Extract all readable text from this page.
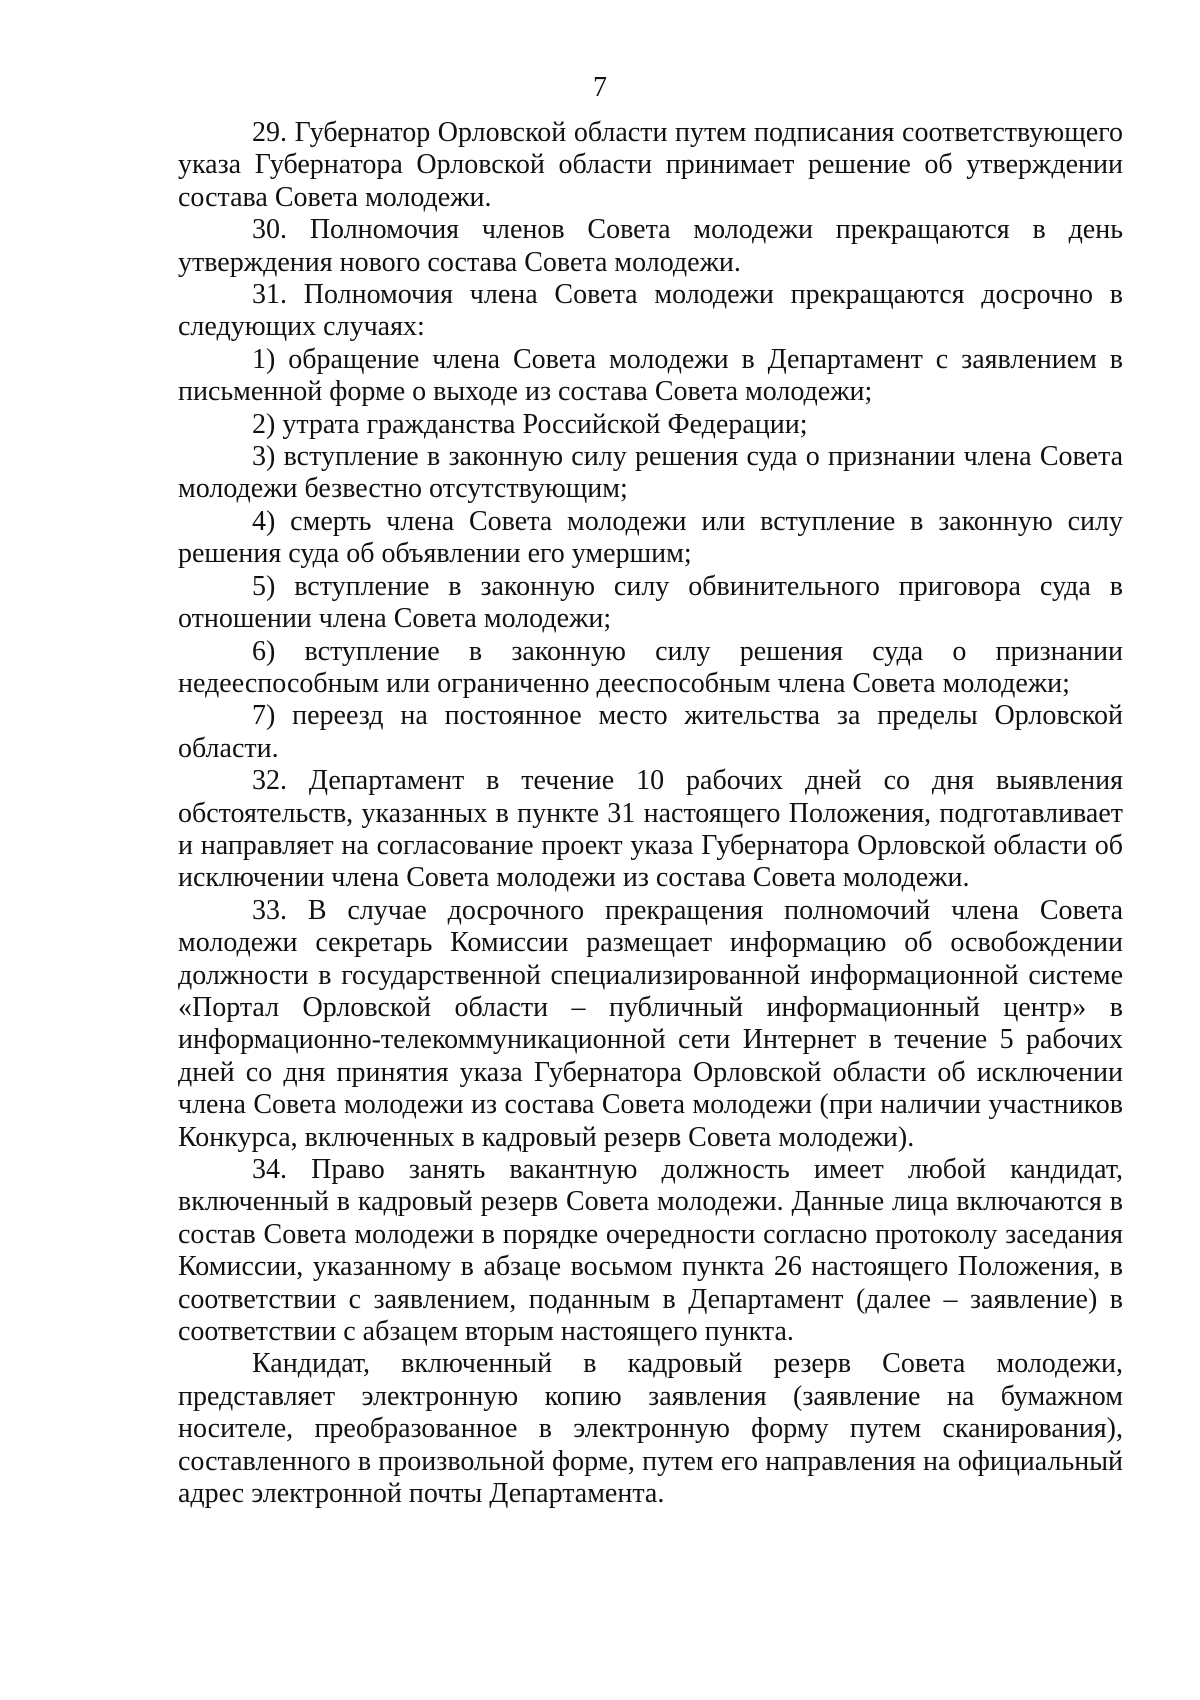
7

29. Губернатор Орловской области путем подписания соответствующего указа Губернатора Орловской области принимает решение об утверждении состава Совета молодежи.

30. Полномочия членов Совета молодежи прекращаются в день утверждения нового состава Совета молодежи.

31. Полномочия члена Совета молодежи прекращаются досрочно в следующих случаях:

1) обращение члена Совета молодежи в Департамент с заявлением в письменной форме о выходе из состава Совета молодежи;

2) утрата гражданства Российской Федерации;

3) вступление в законную силу решения суда о признании члена Совета молодежи безвестно отсутствующим;

4) смерть члена Совета молодежи или вступление в законную силу решения суда об объявлении его умершим;

5) вступление в законную силу обвинительного приговора суда в отношении члена Совета молодежи;

6) вступление в законную силу решения суда о признании недееспособным или ограниченно дееспособным члена Совета молодежи;

7) переезд на постоянное место жительства за пределы Орловской области.

32. Департамент в течение 10 рабочих дней со дня выявления обстоятельств, указанных в пункте 31 настоящего Положения, подготавливает и направляет на согласование проект указа Губернатора Орловской области об исключении члена Совета молодежи из состава Совета молодежи.

33. В случае досрочного прекращения полномочий члена Совета молодежи секретарь Комиссии размещает информацию об освобождении должности в государственной специализированной информационной системе «Портал Орловской области – публичный информационный центр» в информационно-телекоммуникационной сети Интернет в течение 5 рабочих дней со дня принятия указа Губернатора Орловской области об исключении члена Совета молодежи из состава Совета молодежи (при наличии участников Конкурса, включенных в кадровый резерв Совета молодежи).

34. Право занять вакантную должность имеет любой кандидат, включенный в кадровый резерв Совета молодежи. Данные лица включаются в состав Совета молодежи в порядке очередности согласно протоколу заседания Комиссии, указанному в абзаце восьмом пункта 26 настоящего Положения, в соответствии с заявлением, поданным в Департамент (далее – заявление) в соответствии с абзацем вторым настоящего пункта.

Кандидат, включенный в кадровый резерв Совета молодежи, представляет электронную копию заявления (заявление на бумажном носителе, преобразованное в электронную форму путем сканирования), составленного в произвольной форме, путем его направления на официальный адрес электронной почты Департамента.
